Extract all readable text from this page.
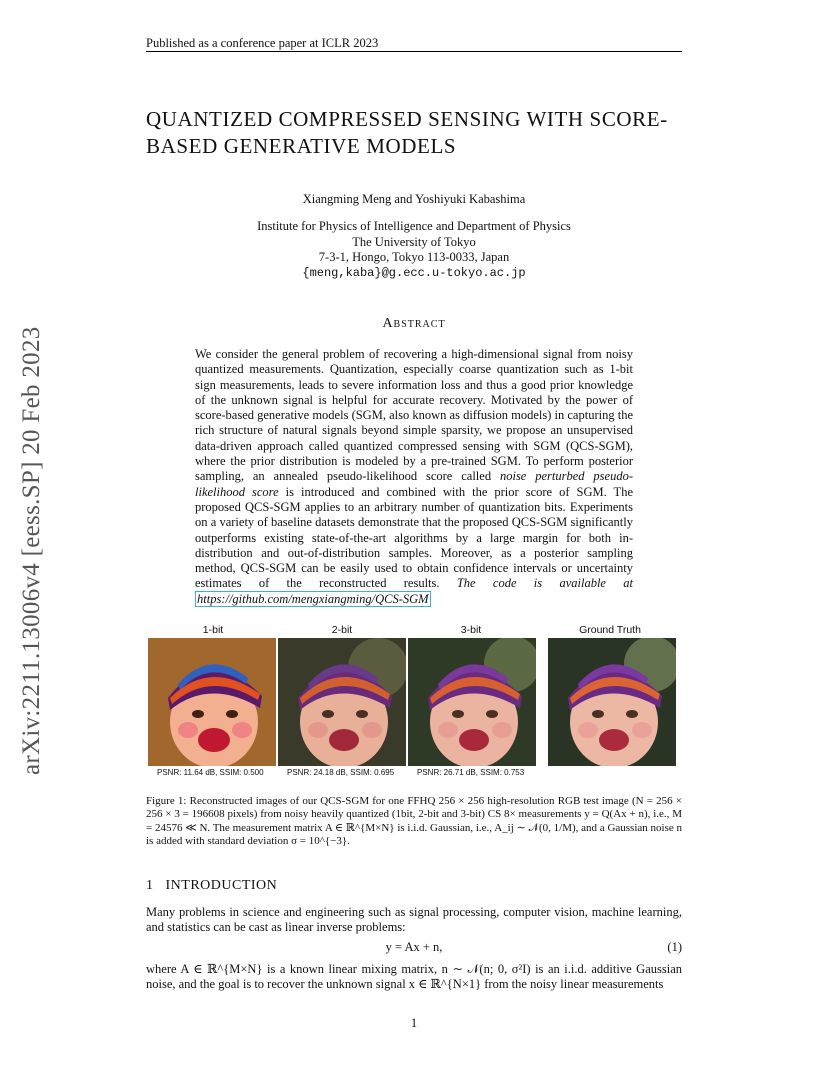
Published as a conference paper at ICLR 2023
QUANTIZED COMPRESSED SENSING WITH SCORE-
BASED GENERATIVE MODELS
Xiangming Meng and Yoshiyuki Kabashima
Institute for Physics of Intelligence and Department of Physics
The University of Tokyo
7-3-1, Hongo, Tokyo 113-0033, Japan
{meng,kaba}@g.ecc.u-tokyo.ac.jp
Abstract
We consider the general problem of recovering a high-dimensional signal from noisy quantized measurements. Quantization, especially coarse quantization such as 1-bit sign measurements, leads to severe information loss and thus a good prior knowledge of the unknown signal is helpful for accurate recovery. Motivated by the power of score-based generative models (SGM, also known as diffusion models) in capturing the rich structure of natural signals beyond simple sparsity, we propose an unsupervised data-driven approach called quantized compressed sensing with SGM (QCS-SGM), where the prior distribution is modeled by a pre-trained SGM. To perform posterior sampling, an annealed pseudo-likelihood score called noise perturbed pseudo-likelihood score is introduced and combined with the prior score of SGM. The proposed QCS-SGM applies to an arbitrary number of quantization bits. Experiments on a variety of baseline datasets demonstrate that the proposed QCS-SGM significantly outperforms existing state-of-the-art algorithms by a large margin for both in-distribution and out-of-distribution samples. Moreover, as a posterior sampling method, QCS-SGM can be easily used to obtain confidence intervals or uncertainty estimates of the reconstructed results. The code is available at https://github.com/mengxiangming/QCS-SGM
arXiv:2211.13006v4 [eess.SP] 20 Feb 2023	1-bit	2-bit	3-bit	Ground Truth
PSNR: 11.64 dB, SSIM: 0.500	PSNR: 24.18 dB, SSIM: 0.695	PSNR: 26.71 dB, SSIM: 0.753
Figure 1: Reconstructed images of our QCS-SGM for one FFHQ 256 × 256 high-resolution RGB test image (N = 256 × 256 × 3 = 196608 pixels) from noisy heavily quantized (1bit, 2-bit and 3-bit) CS 8× measurements y = Q(Ax + n), i.e., M = 24576 ≪ N. The measurement matrix A ∈ ℝ^{M×N} is i.i.d. Gaussian, i.e., A_ij ∼ 𝒩(0, 1/M), and a Gaussian noise n is added with standard deviation σ = 10^{−3}.
1 INTRODUCTION
Many problems in science and engineering such as signal processing, computer vision, machine learning, and statistics can be cast as linear inverse problems:
y = Ax + n,	(1)
where A ∈ ℝ^{M×N} is a known linear mixing matrix, n ∼ 𝒩(n; 0, σ²I) is an i.i.d. additive Gaussian noise, and the goal is to recover the unknown signal x ∈ ℝ^{N×1} from the noisy linear measurements
1
